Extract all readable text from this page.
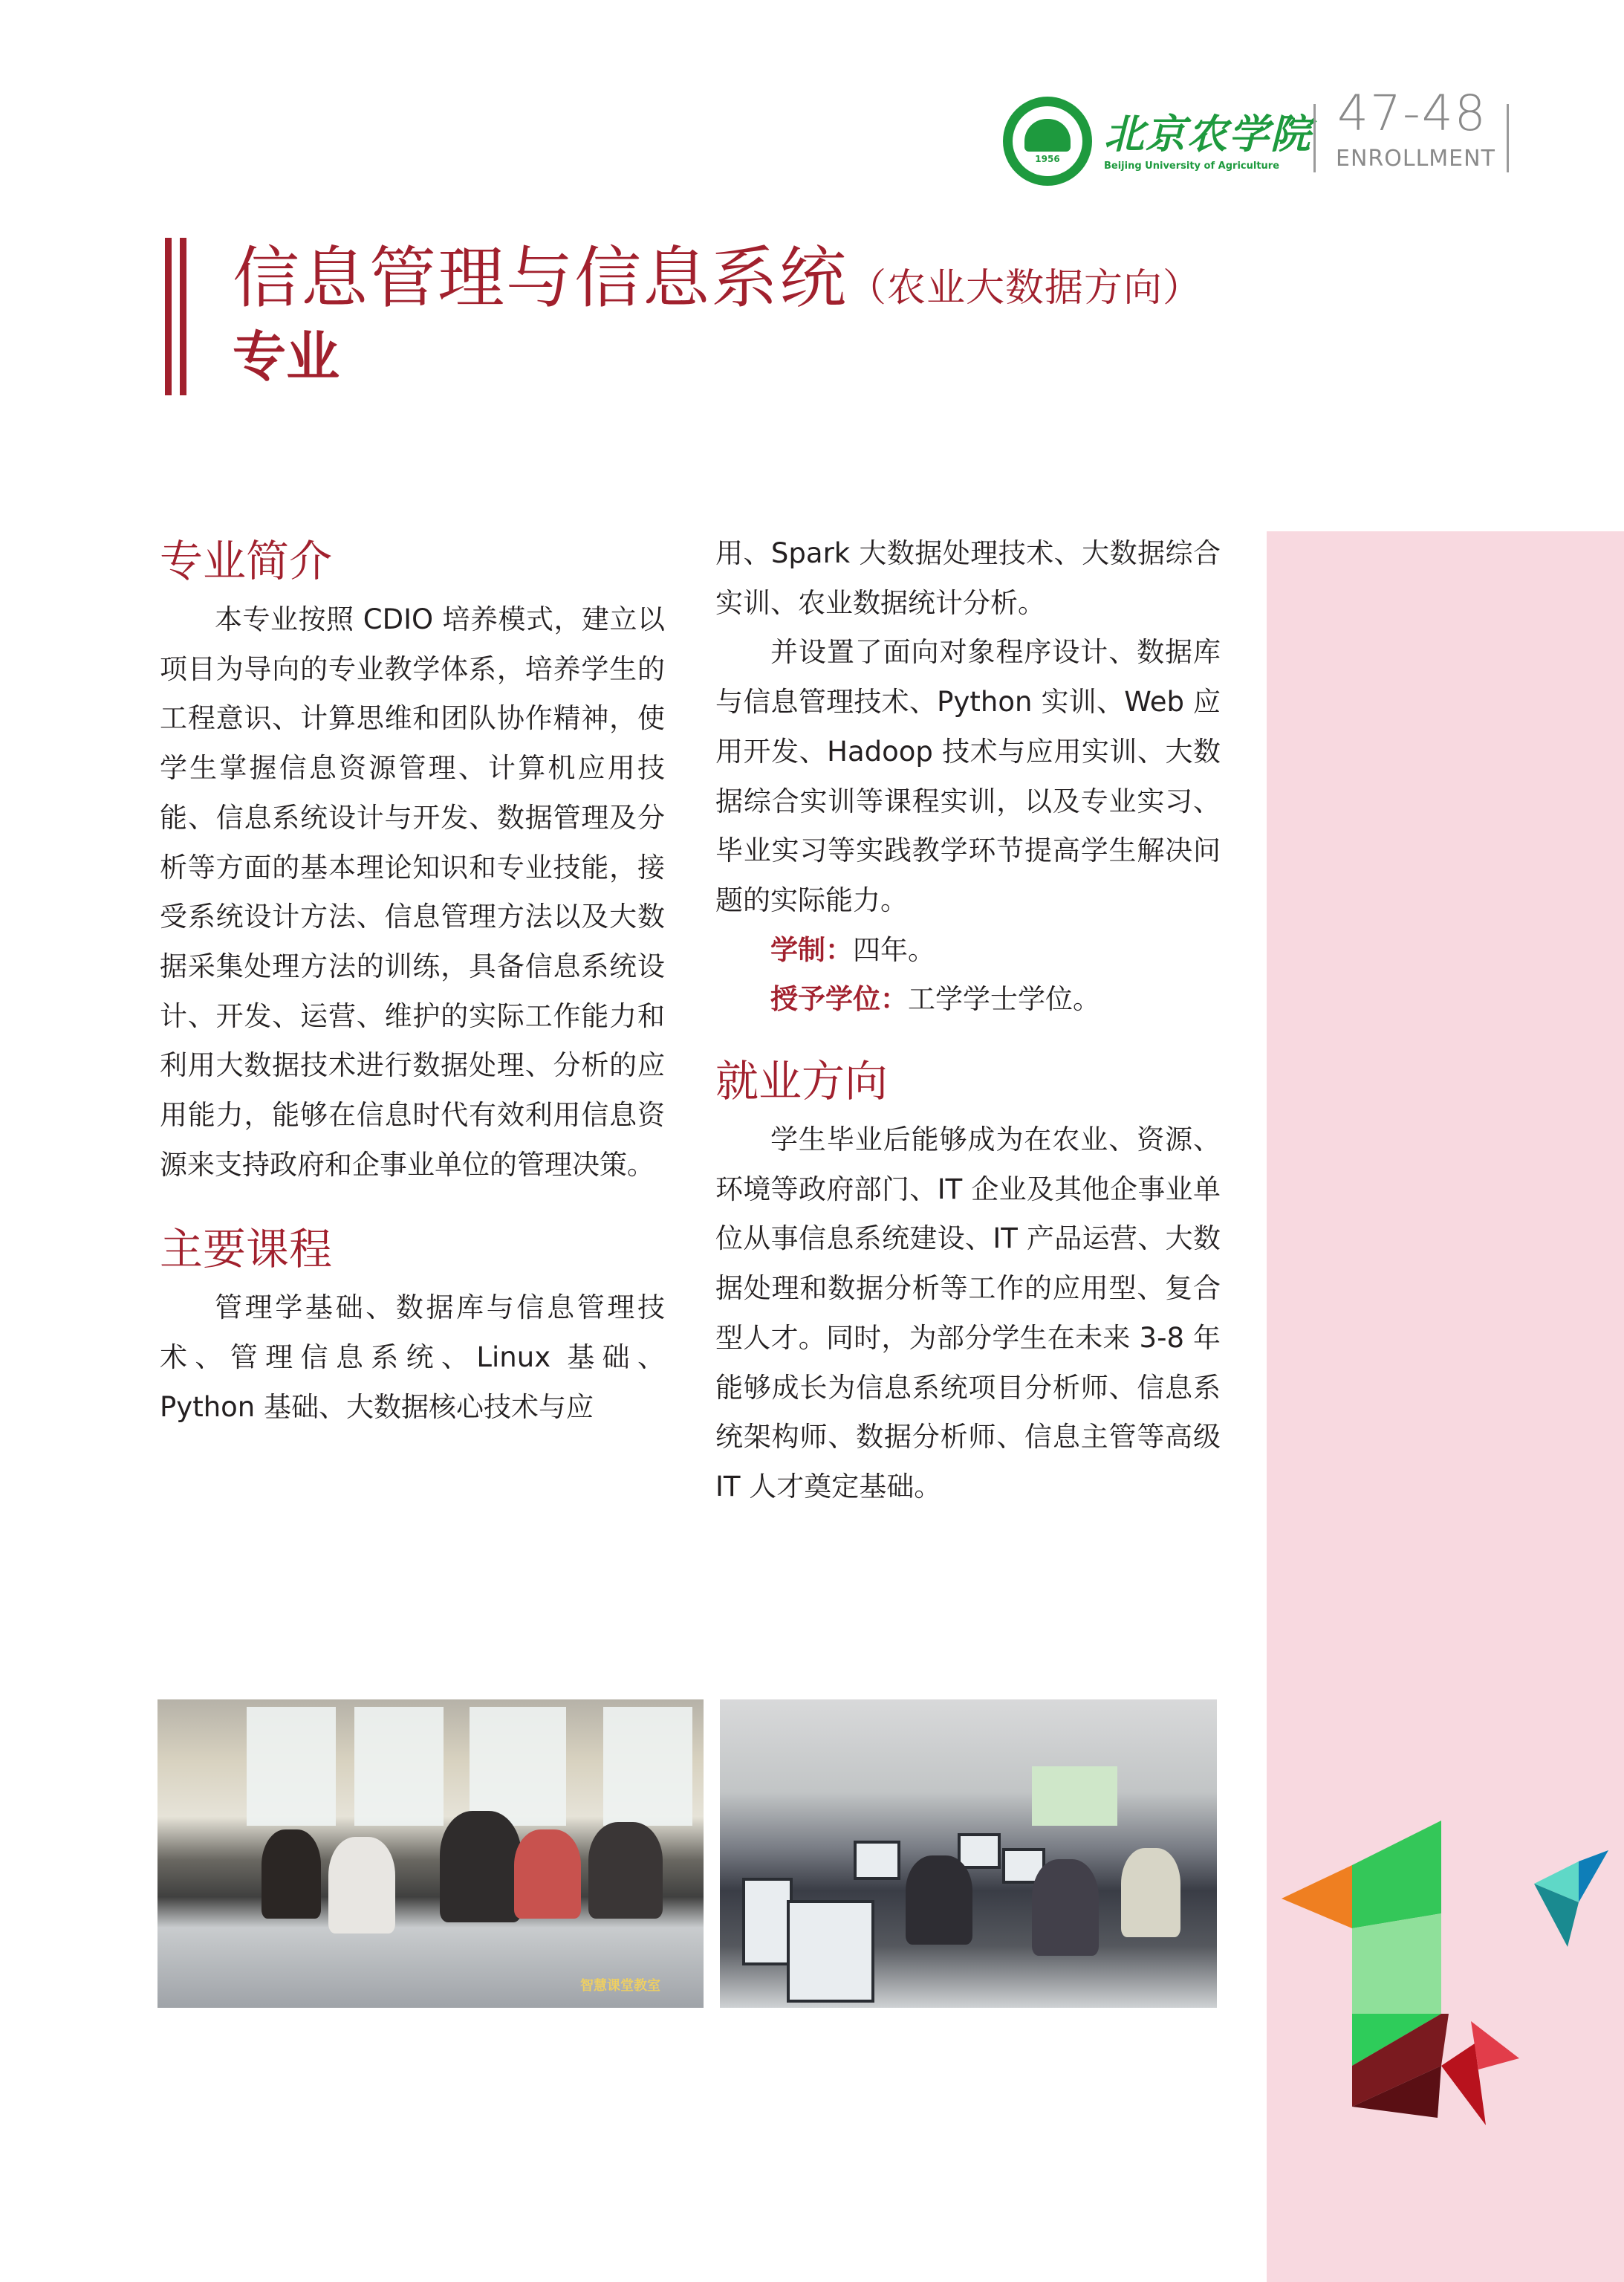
1956
北京农学院
Beijing University of Agriculture
47-48
ENROLLMENT
信息管理与信息系统（农业大数据方向）
专业
专业简介

本专业按照 CDIO 培养模式，建立以项目为导向的专业教学体系，培养学生的工程意识、计算思维和团队协作精神，使学生掌握信息资源管理、计算机应用技能、信息系统设计与开发、数据管理及分析等方面的基本理论知识和专业技能，接受系统设计方法、信息管理方法以及大数据采集处理方法的训练，具备信息系统设计、开发、运营、维护的实际工作能力和利用大数据技术进行数据处理、分析的应用能力，能够在信息时代有效利用信息资源来支持政府和企事业单位的管理决策。

主要课程

管理学基础、数据库与信息管理技术、管理信息系统、Linux 基础、Python 基础、大数据核心技术与应

用、Spark 大数据处理技术、大数据综合实训、农业数据统计分析。

并设置了面向对象程序设计、数据库与信息管理技术、Python 实训、Web 应用开发、Hadoop 技术与应用实训、大数据综合实训等课程实训，以及专业实习、毕业实习等实践教学环节提高学生解决问题的实际能力。

学制：四年。

授予学位：工学学士学位。

就业方向

学生毕业后能够成为在农业、资源、环境等政府部门、IT 企业及其他企事业单位从事信息系统建设、IT 产品运营、大数据处理和数据分析等工作的应用型、复合型人才。同时，为部分学生在未来 3-8 年能够成长为信息系统项目分析师、信息系统架构师、数据分析师、信息主管等高级 IT 人才奠定基础。

智慧课堂教室
